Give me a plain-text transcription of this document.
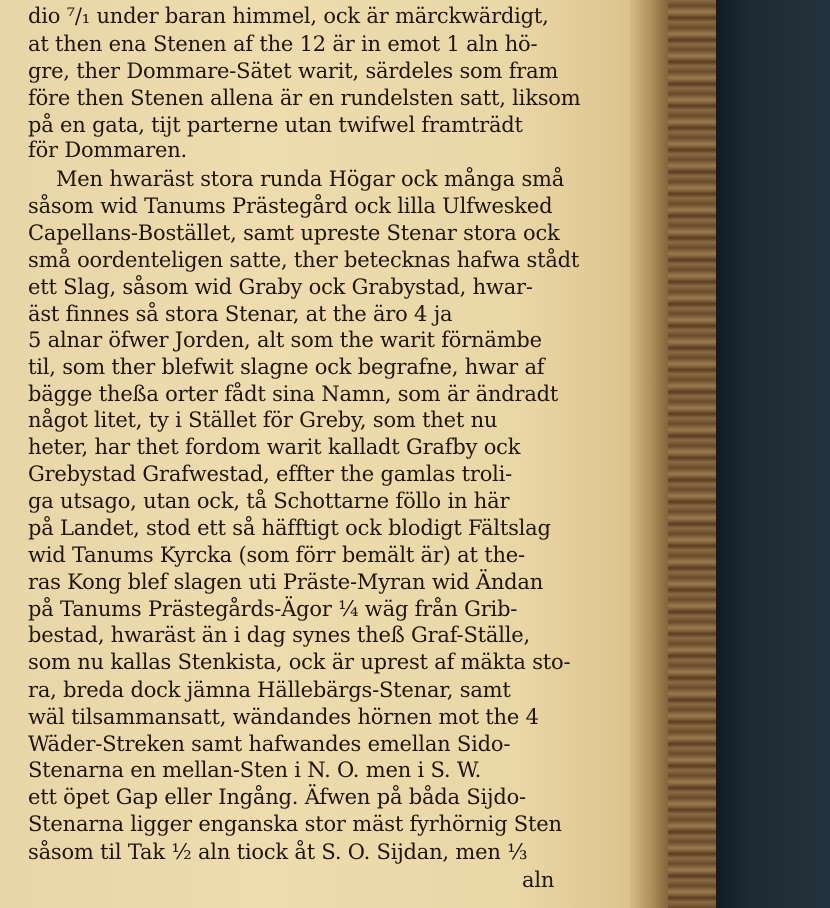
dio ⁷/₁ under baran himmel, ock är märckwärdigt,
at then ena Stenen af the 12 är in emot 1 aln hö-
gre, ther Dommare-Sätet warit, särdeles som fram
före then Stenen allena är en rundelsten satt, liksom
på en gata, tijt parterne utan twifwel framträdt
för Dommaren.
Men hwaräst stora runda Högar ock många små
såsom wid Tanums Prästegård ock lilla Ulfwesked
Capellans-Bostället, samt upreste Stenar stora ock
små oordenteligen satte, ther betecknas hafwa stådt
ett Slag, såsom wid Graby ock Grabystad, hwar-
äst finnes så stora Stenar, at the äro 4 ja
5 alnar öfwer Jorden, alt som the warit förnämbe
til, som ther blefwit slagne ock begrafne, hwar af
bägge theßa orter fådt sina Namn, som är ändradt
något litet, ty i Stället för Greby, som thet nu
heter, har thet fordom warit kalladt Grafby ock
Grebystad Grafwestad, effter the gamlas troli-
ga utsago, utan ock, tå Schottarne föllo in här
på Landet, stod ett så häfftigt ock blodigt Fältslag
wid Tanums Kyrcka (som förr bemält är) at the-
ras Kong blef slagen uti Präste-Myran wid Ändan
på Tanums Prästegårds-Ägor ¼ wäg från Grib-
bestad, hwaräst än i dag synes theß Graf-Ställe,
som nu kallas Stenkista, ock är uprest af mäkta sto-
ra, breda dock jämna Hällebärgs-Stenar, samt
wäl tilsammansatt, wändandes hörnen mot the 4
Wäder-Streken samt hafwandes emellan Sido-
Stenarna en mellan-Sten i N. O. men i S. W.
ett öpet Gap eller Ingång. Äfwen på båda Sijdo-
Stenarna ligger enganska stor mäst fyrhörnig Sten
såsom til Tak ½ aln tiock åt S. O. Sijdan, men ⅓
aln
